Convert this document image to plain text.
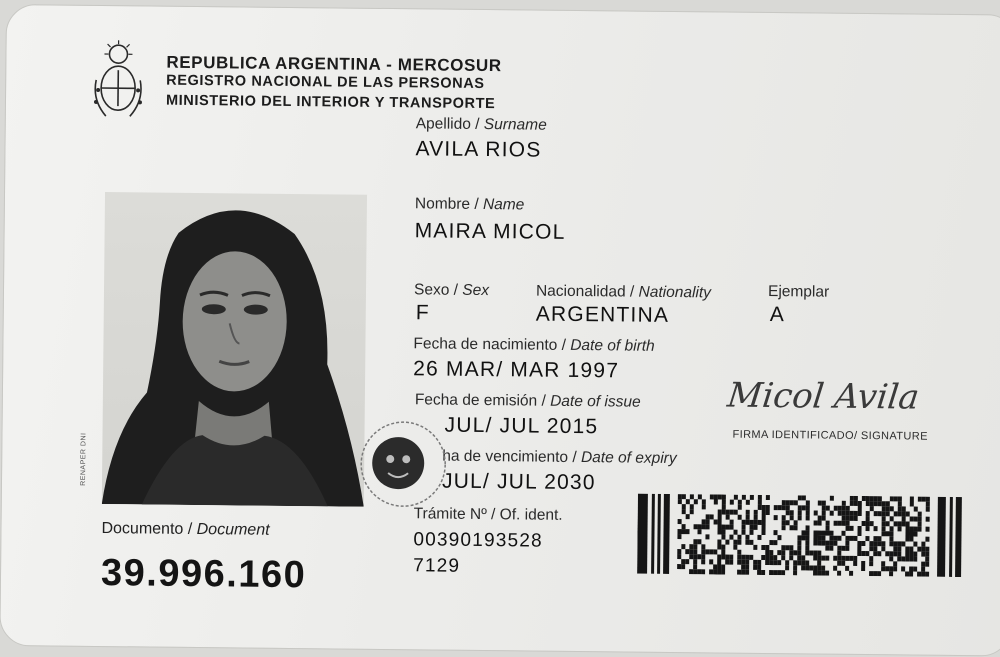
REPUBLICA ARGENTINA - MERCOSUR
REGISTRO NACIONAL DE LAS PERSONAS
MINISTERIO DEL INTERIOR Y TRANSPORTE
Apellido / Surname
AVILA RIOS
Nombre / Name
MAIRA MICOL
Sexo / Sex
F
Nacionalidad / Nationality
ARGENTINA
Ejemplar
A
Fecha de nacimiento / Date of birth
26 MAR/ MAR 1997
Fecha de emisión / Date of issue
JUL/ JUL 2015
ha de vencimiento / Date of expiry
JUL/ JUL 2030
Trámite Nº / Of. ident.
00390193528
7129
RENAPER DNI
Documento / Document
39.996.160
Micol Avila
FIRMA IDENTIFICADO/ SIGNATURE
